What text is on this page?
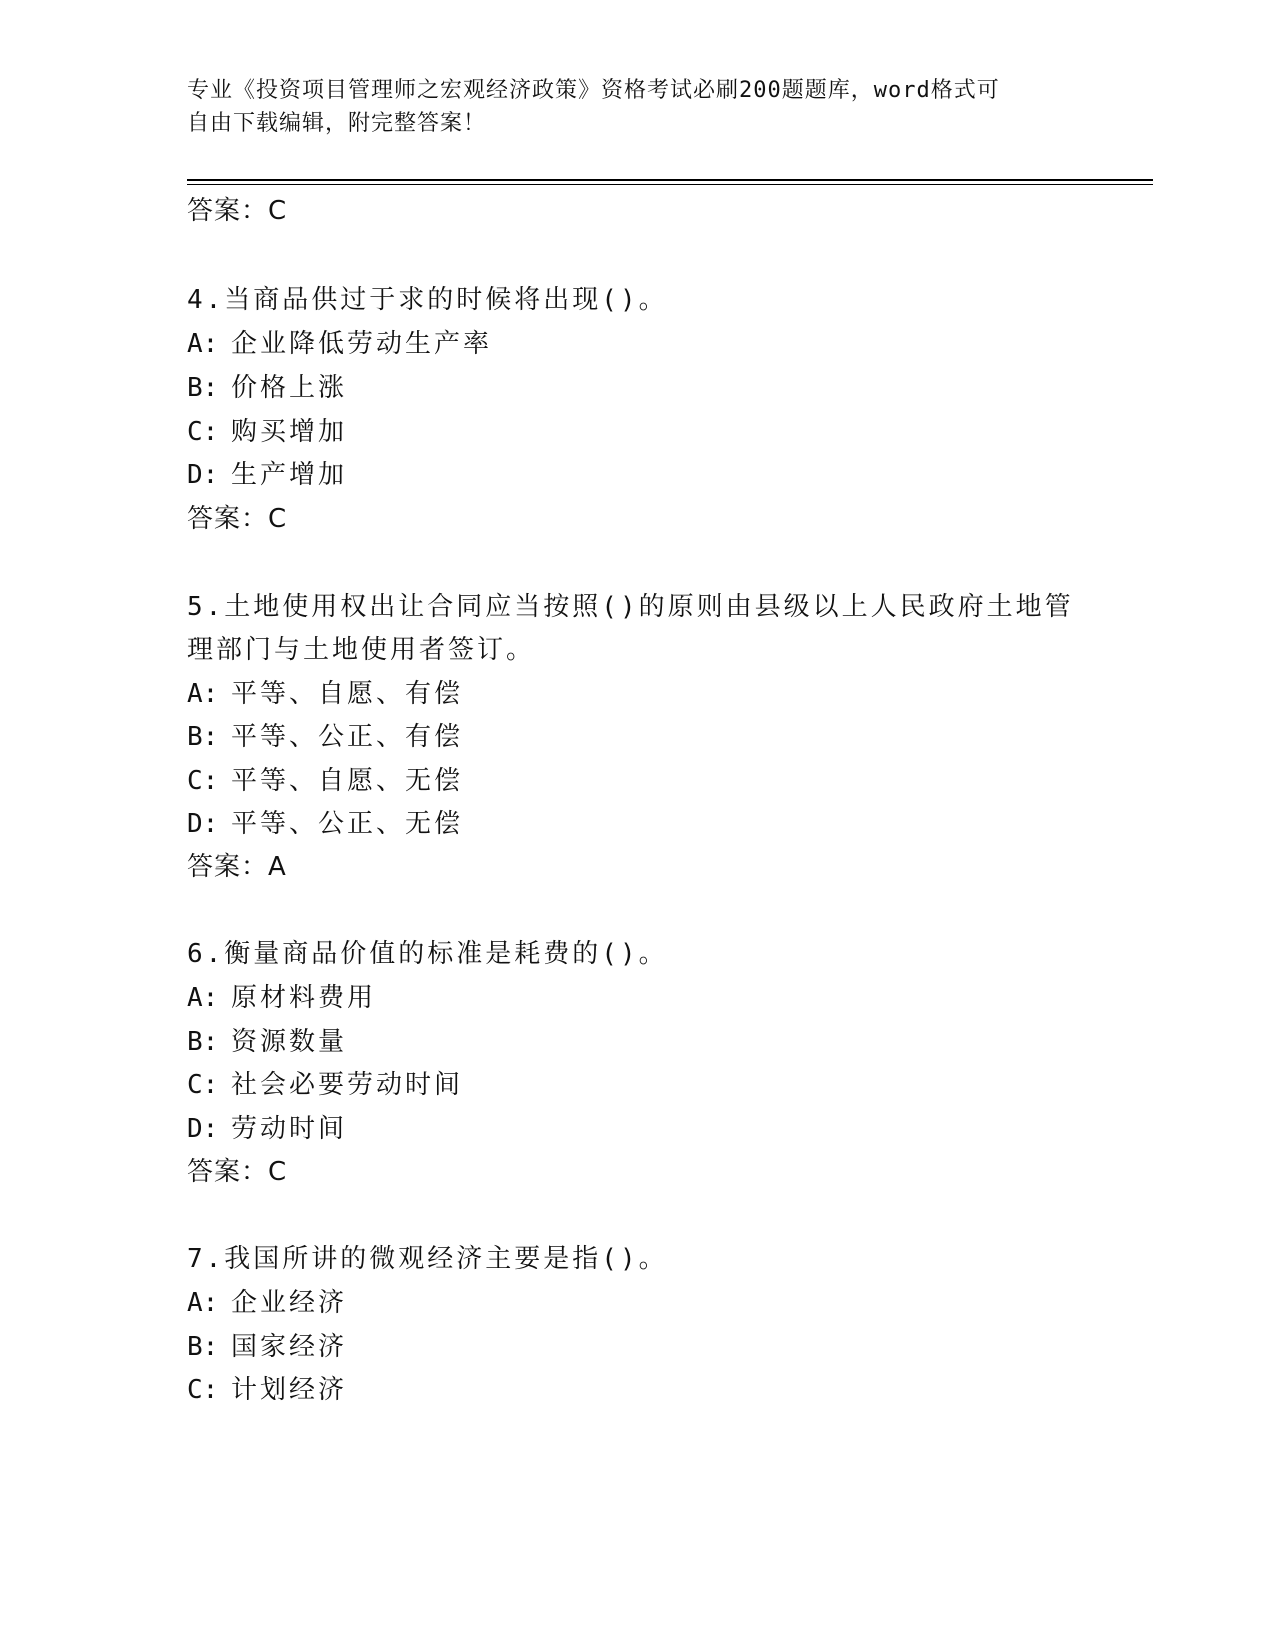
专业《投资项目管理师之宏观经济政策》资格考试必刷200题题库，word格式可
自由下载编辑，附完整答案！
答案：C
4.当商品供过于求的时候将出现()。
A: 企业降低劳动生产率
B: 价格上涨
C: 购买增加
D: 生产增加
答案：C
5.土地使用权出让合同应当按照()的原则由县级以上人民政府土地管
理部门与土地使用者签订。
A: 平等、自愿、有偿
B: 平等、公正、有偿
C: 平等、自愿、无偿
D: 平等、公正、无偿
答案：A
6.衡量商品价值的标准是耗费的()。
A: 原材料费用
B: 资源数量
C: 社会必要劳动时间
D: 劳动时间
答案：C
7.我国所讲的微观经济主要是指()。
A: 企业经济
B: 国家经济
C: 计划经济
